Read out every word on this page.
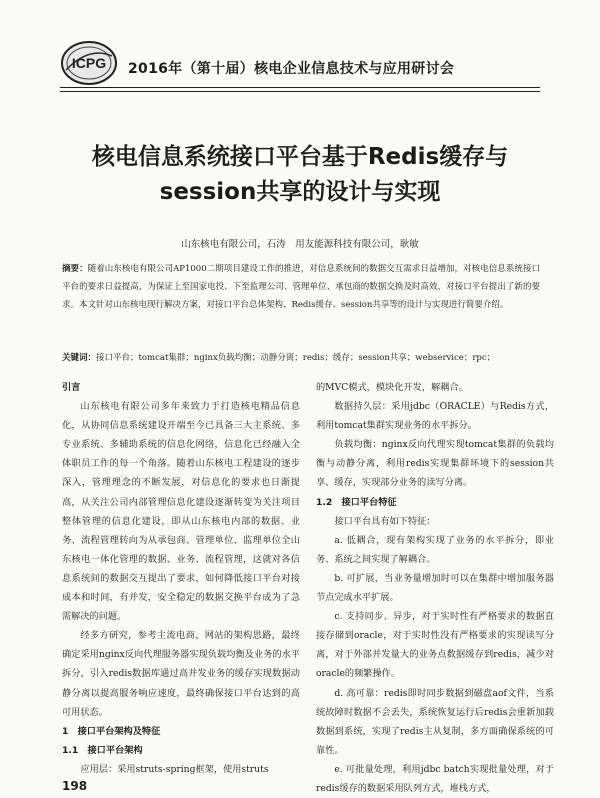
ICPG 2016年（第十届）核电企业信息技术与应用研讨会
核电信息系统接口平台基于Redis缓存与
session共享的设计与实现
山东核电有限公司，石涛　用友能源科技有限公司，耿敏
摘要：随着山东核电有限公司AP1000二期项目建设工作的推进，对信息系统间的数据交互需求日益增加，对核电信息系统接口平台的要求日益提高，为保证上至国家电投、下至监理公司、管理单位、承包商的数据交换及时高效，对接口平台提出了新的要求。本文针对山东核电现行解决方案，对接口平台总体架构、Redis缓存、session共享等的设计与实现进行简要介绍。
关键词：接口平台；tomcat集群；nginx负载均衡；动静分离；redis；缓存；session共享；webservice；rpc；
引言

山东核电有限公司多年来致力于打造核电精品信息化，从协同信息系统建设开端至今已具备三大主系统、多专业系统、多辅助系统的信息化网络，信息化已经融入全体职员工作的每一个角落。随着山东核电工程建设的逐步深入，管理理念的不断发展，对信息化的要求也日渐提高，从关注公司内部管理信息化建设逐渐转变为关注项目整体管理的信息化建设，即从山东核电内部的数据、业务、流程管理转向为从承包商、管理单位、监理单位全山东核电一体化管理的数据、业务、流程管理，这就对各信息系统间的数据交互提出了要求，如何降低接口平台对接成本和时间，有并发，安全稳定的数据交换平台成为了急需解决的问题。

经多方研究，参考主流电商、网站的架构思路，最终确定采用nginx反向代理服务器实现负载均衡及业务的水平拆分，引入redis数据库通过高并发业务的缓存实现数据动静分离以提高服务响应速度，最终确保接口平台达到的高可用状态。

1　接口平台架构及特征
1.1　接口平台架构

应用层：采用struts-spring框架，使用struts

的MVC模式，模块化开发，解耦合。

数据持久层：采用jdbc（ORACLE）与Redis方式，利用tomcat集群实现业务的水平拆分。

负载均衡：nginx反向代理实现tomcat集群的负载均衡与动静分离，利用redis实现集群环境下的session共享、缓存，实现部分业务的读写分离。

1.2　接口平台特征

接口平台具有如下特征：

a. 低耦合，现有架构实现了业务的水平拆分，即业务、系统之间实现了解耦合。

b. 可扩展，当业务量增加时可以在集群中增加服务器节点完成水平扩展。

c. 支持同步、异步，对于实时性有严格要求的数据直接存储到oracle，对于实时性没有严格要求的实现读写分离，对于外部并发量大的业务点数据缓存到redis，减少对oracle的频繁操作。

d. 高可靠：redis即时同步数据到磁盘aof文件，当系统故障时数据不会丢失，系统恢复运行后redis会重新加载数据到系统，实现了redis主从复制，多方面确保系统的可靠性。

e. 可批量处理，利用jdbc batch实现批量处理，对于redis缓存的数据采用队列方式，堆栈方式，

198
